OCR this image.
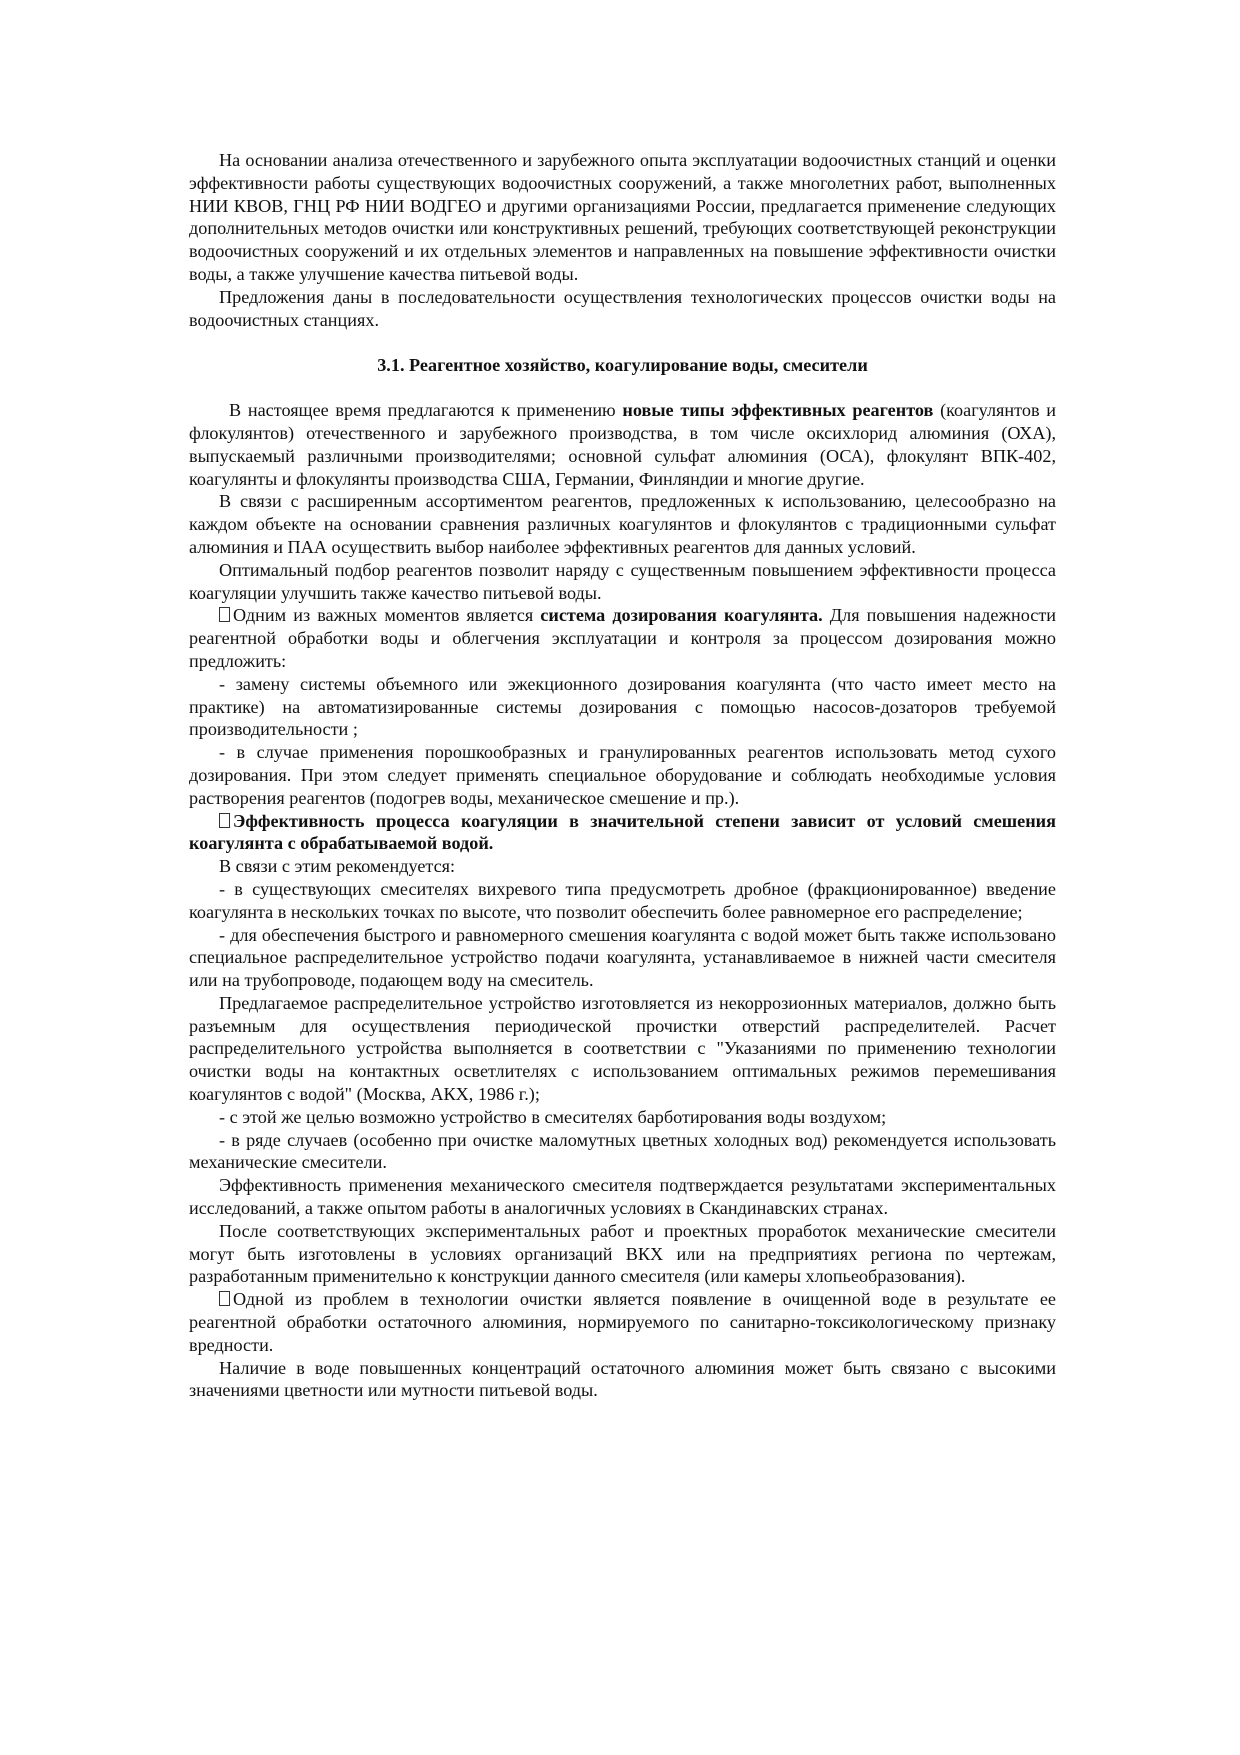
На основании анализа отечественного и зарубежного опыта эксплуатации водоочистных станций и оценки эффективности работы существующих водоочистных сооружений, а также многолетних работ, выполненных НИИ КВОВ, ГНЦ РФ НИИ ВОДГЕО и другими организациями России, предлагается применение следующих дополнительных методов очистки или конструктивных решений, требующих соответствующей реконструкции водоочистных сооружений и их отдельных элементов и направленных на повышение эффективности очистки воды, а также улучшение качества питьевой воды.

Предложения даны в последовательности осуществления технологических процессов очистки воды на водоочистных станциях.

3.1. Реагентное хозяйство, коагулирование воды, смесители

В настоящее время предлагаются к применению новые типы эффективных реагентов (коагулянтов и флокулянтов) отечественного и зарубежного производства, в том числе оксихлорид алюминия (ОХА), выпускаемый различными производителями; основной сульфат алюминия (ОСА), флокулянт ВПК-402, коагулянты и флокулянты производства США, Германии, Финляндии и многие другие.

В связи с расширенным ассортиментом реагентов, предложенных к использованию, целесообразно на каждом объекте на основании сравнения различных коагулянтов и флокулянтов с традиционными сульфат алюминия и ПАА осуществить выбор наиболее эффективных реагентов для данных условий.

Оптимальный подбор реагентов позволит наряду с существенным повышением эффективности процесса коагуляции улучшить также качество питьевой воды.

Одним из важных моментов является система дозирования коагулянта. Для повышения надежности реагентной обработки воды и облегчения эксплуатации и контроля за процессом дозирования можно предложить:

- замену системы объемного или эжекционного дозирования коагулянта (что часто имеет место на практике) на автоматизированные системы дозирования с помощью насосов-дозаторов требуемой производительности ;

- в случае применения порошкообразных и гранулированных реагентов использовать метод сухого дозирования. При этом следует применять специальное оборудование и соблюдать необходимые условия растворения реагентов (подогрев воды, механическое смешение и пр.).

Эффективность процесса коагуляции в значительной степени зависит от условий смешения коагулянта с обрабатываемой водой.

В связи с этим рекомендуется:

- в существующих смесителях вихревого типа предусмотреть дробное (фракционированное) введение коагулянта в нескольких точках по высоте, что позволит обеспечить более равномерное его распределение;

- для обеспечения быстрого и равномерного смешения коагулянта с водой может быть также использовано специальное распределительное устройство подачи коагулянта, устанавливаемое в нижней части смесителя или на трубопроводе, подающем воду на смеситель.

Предлагаемое распределительное устройство изготовляется из некоррозионных материалов, должно быть разъемным для осуществления периодической прочистки отверстий распределителей. Расчет распределительного устройства выполняется в соответствии с "Указаниями по применению технологии очистки воды на контактных осветлителях с использованием оптимальных режимов перемешивания коагулянтов с водой" (Москва, АКХ, 1986 г.);

- с этой же целью возможно устройство в смесителях барботирования воды воздухом;

- в ряде случаев (особенно при очистке маломутных цветных холодных вод) рекомендуется использовать механические смесители.

Эффективность применения механического смесителя подтверждается результатами экспериментальных исследований, а также опытом работы в аналогичных условиях в Скандинавских странах.

После соответствующих экспериментальных работ и проектных проработок механические смесители могут быть изготовлены в условиях организаций ВКХ или на предприятиях региона по чертежам, разработанным применительно к конструкции данного смесителя (или камеры хлопьеобразования).

Одной из проблем в технологии очистки является появление в очищенной воде в результате ее реагентной обработки остаточного алюминия, нормируемого по санитарно-токсикологическому признаку вредности.

Наличие в воде повышенных концентраций остаточного алюминия может быть связано с высокими значениями цветности или мутности питьевой воды.
